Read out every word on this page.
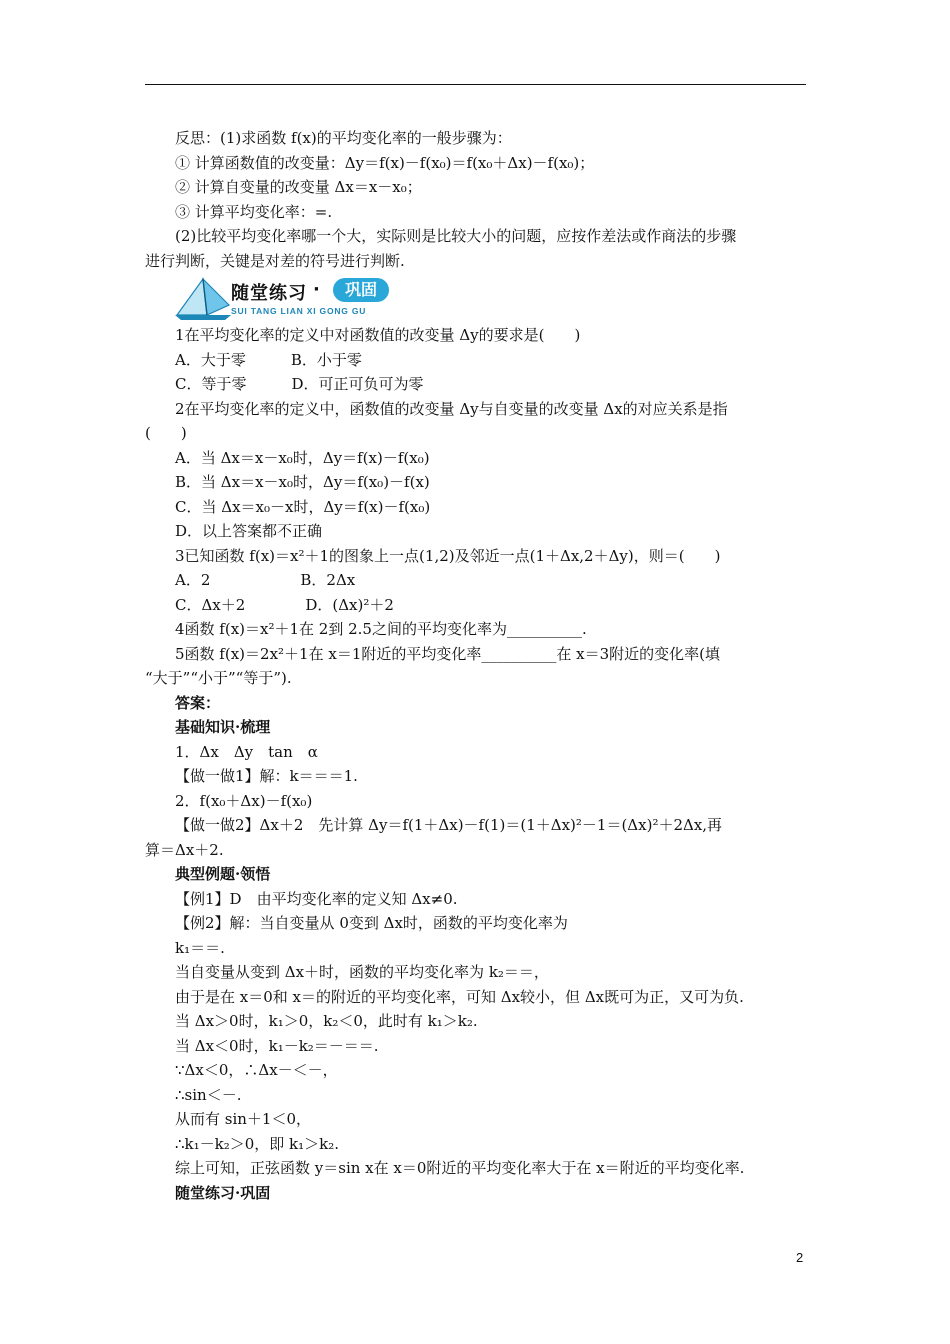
反思：(1)求函数 f(x)的平均变化率的一般步骤为：
① 计算函数值的改变量：Δy＝f(x)－f(x₀)＝f(x₀＋Δx)－f(x₀)；
② 计算自变量的改变量 Δx＝x－x₀；
③ 计算平均变化率：=.
(2)比较平均变化率哪一个大，实际则是比较大小的问题，应按作差法或作商法的步骤
进行判断，关键是对差的符号进行判断.
随堂练习 ·	巩固
SUI TANG LIAN XI GONG GU
1在平均变化率的定义中对函数值的改变量 Δy的要求是(　　)
A．大于零　　　B．小于零
C．等于零　　　D．可正可负可为零
2在平均变化率的定义中，函数值的改变量 Δy与自变量的改变量 Δx的对应关系是指
(　　)
A．当 Δx＝x－x₀时，Δy＝f(x)－f(x₀)
B．当 Δx＝x－x₀时，Δy＝f(x₀)－f(x)
C．当 Δx＝x₀－x时，Δy＝f(x)－f(x₀)
D．以上答案都不正确
3已知函数 f(x)＝x²＋1的图象上一点(1,2)及邻近一点(1＋Δx,2＋Δy)，则＝(　　)
A．2　　　　　　B．2Δx
C．Δx＋2　　　　D．(Δx)²＋2
4函数 f(x)＝x²＋1在 2到 2.5之间的平均变化率为__________.
5函数 f(x)＝2x²＋1在 x＝1附近的平均变化率__________在 x＝3附近的变化率(填
“大于”“小于”“等于”).
答案：
基础知识·梳理
1．Δx　Δy　tan　α
【做一做1】解：k＝＝＝1.
2．f(x₀＋Δx)－f(x₀)
【做一做2】Δx＋2　先计算 Δy＝f(1＋Δx)－f(1)＝(1＋Δx)²－1＝(Δx)²＋2Δx,再
算＝Δx＋2.
典型例题·领悟
【例1】D　由平均变化率的定义知 Δx≠0.
【例2】解：当自变量从 0变到 Δx时，函数的平均变化率为
k₁＝＝.
当自变量从变到 Δx＋时，函数的平均变化率为 k₂＝＝，
由于是在 x＝0和 x＝的附近的平均变化率，可知 Δx较小，但 Δx既可为正，又可为负.
当 Δx＞0时，k₁＞0，k₂＜0，此时有 k₁＞k₂.
当 Δx＜0时，k₁－k₂＝－＝＝.
∵Δx＜0，∴Δx－＜－，
∴sin＜－.
从而有 sin＋1＜0，
∴k₁－k₂＞0，即 k₁＞k₂.
综上可知，正弦函数 y＝sin x在 x＝0附近的平均变化率大于在 x＝附近的平均变化率.
随堂练习·巩固
2
